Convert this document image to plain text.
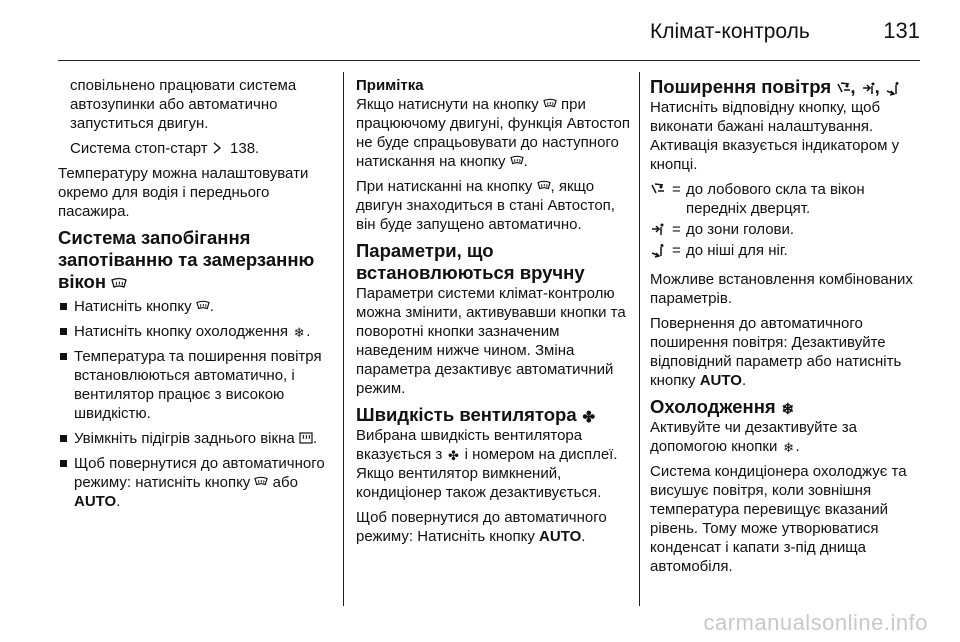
Клімат-контроль	131

сповільнено працювати система автозупинки або автоматично запуститься двигун.

Система стоп-старт
138.

Температуру можна налаштовувати окремо для водія і переднього пасажира.

Система запобігання запотіванню та замерзанню вікон
Натисніть кнопку
.
Натисніть кнопку охолодження ❄ .
Температура та поширення повітря встановлюються автоматично, і вентилятор працює з високою швидкістю.
Увімкніть підігрів заднього вікна
.
Щоб повернутися до автоматичного режиму: натисніть кнопку
або AUTO.
Примітка

Якщо натиснути на кнопку
при працюючому двигуні, функція Автостоп не буде спрацьовувати до наступного натискання на кнопку
.

При натисканні на кнопку
, якщо двигун знаходиться в стані Автостоп, він буде запущено автоматично.

Параметри, що встановлюються вручну

Параметри системи клімат-контролю можна змінити, активувавши кнопки та поворотні кнопки зазначеним наведеним нижче чином. Зміна параметра дезактивує автоматичний режим.

Швидкість вентилятора ✤

Вибрана швидкість вентилятора вказується з ✤ і номером на дисплеї. Якщо вентилятор вимкнений, кондиціонер також дезактивується.

Щоб повернутися до автоматичного режиму: Натисніть кнопку AUTO.

Поширення повітря
,
,

Натисніть відповідну кнопку, щоб виконати бажані налаштування. Активація вказується індикатором у кнопці.

= до лобового скла та вікон передніх дверцят.
= до зони голови.
= до ніші для ніг.

Можливе встановлення комбінованих параметрів.

Повернення до автоматичного поширення повітря: Дезактивуйте відповідний параметр або натисніть кнопку AUTO.

Охолодження ❄

Активуйте чи дезактивуйте за допомогою кнопки ❄ .

Система кондиціонера охолоджує та висушує повітря, коли зовнішня температура перевищує вказаний рівень. Тому може утворюватися конденсат і капати з-під днища автомобіля.

carmanualsonline.info
